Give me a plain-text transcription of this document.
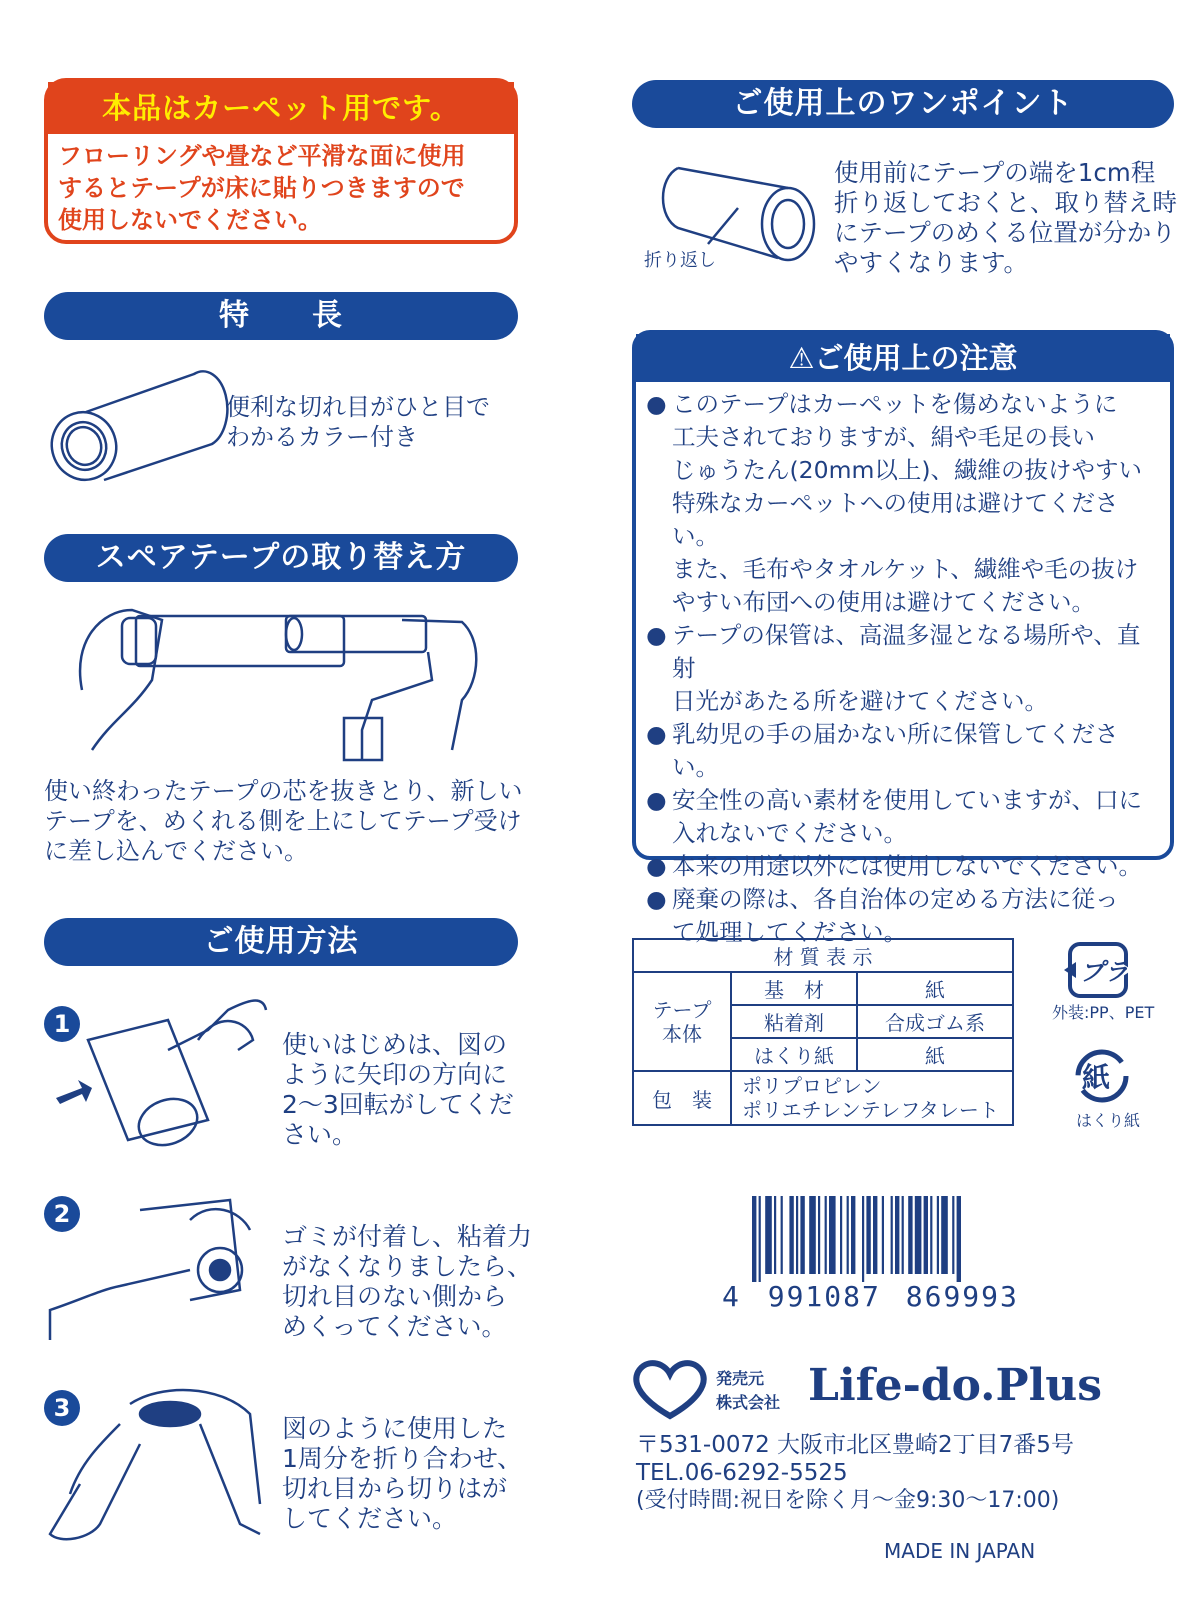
本品はカーペット用です。
フローリングや畳など平滑な面に使用
するとテープが床に貼りつきますので
使用しないでください。
特　　長
便利な切れ目がひと目で
わかるカラー付き
スペアテープの取り替え方
使い終わったテープの芯を抜きとり、新しい
テープを、めくれる側を上にしてテープ受け
に差し込んでください。
ご使用方法
1
使いはじめは、図の
ように矢印の方向に
2〜3回転がしてくだ
さい。
2
ゴミが付着し、粘着力
がなくなりましたら、
切れ目のない側から
めくってください。
3
図のように使用した
1周分を折り合わせ、
切れ目から切りはが
してください。
ご使用上のワンポイント
折り返し
使用前にテープの端を1cm程
折り返しておくと、取り替え時
にテープのめくる位置が分かり
やすくなります。
⚠ご使用上の注意
● このテープはカーペットを傷めないように
工夫されておりますが、絹や毛足の長い
じゅうたん(20mm以上)、繊維の抜けやすい
特殊なカーペットへの使用は避けてください。
また、毛布やタオルケット、繊維や毛の抜け
やすい布団への使用は避けてください。
● テープの保管は、高温多湿となる場所や、直射
日光があたる所を避けてください。
● 乳幼児の手の届かない所に保管してください。
● 安全性の高い素材を使用していますが、口に
入れないでください。
● 本来の用途以外には使用しないでください。
● 廃棄の際は、各自治体の定める方法に従っ
て処理してください。
材 質 表 示		

テープ
本体	基　材	紙
	粘着剤	合成ゴム系
	はくり紙	紙
包　装	ポリプロピレン
ポリエチレンテレフタレート	
プラ
外装:PP、PET
紙
はくり紙
4 991087 869993
発売元
株式会社 Life-do.Plus
〒531-0072 大阪市北区豊崎2丁目7番5号
TEL.06-6292-5525
(受付時間:祝日を除く月〜金9:30〜17:00)
MADE IN JAPAN
